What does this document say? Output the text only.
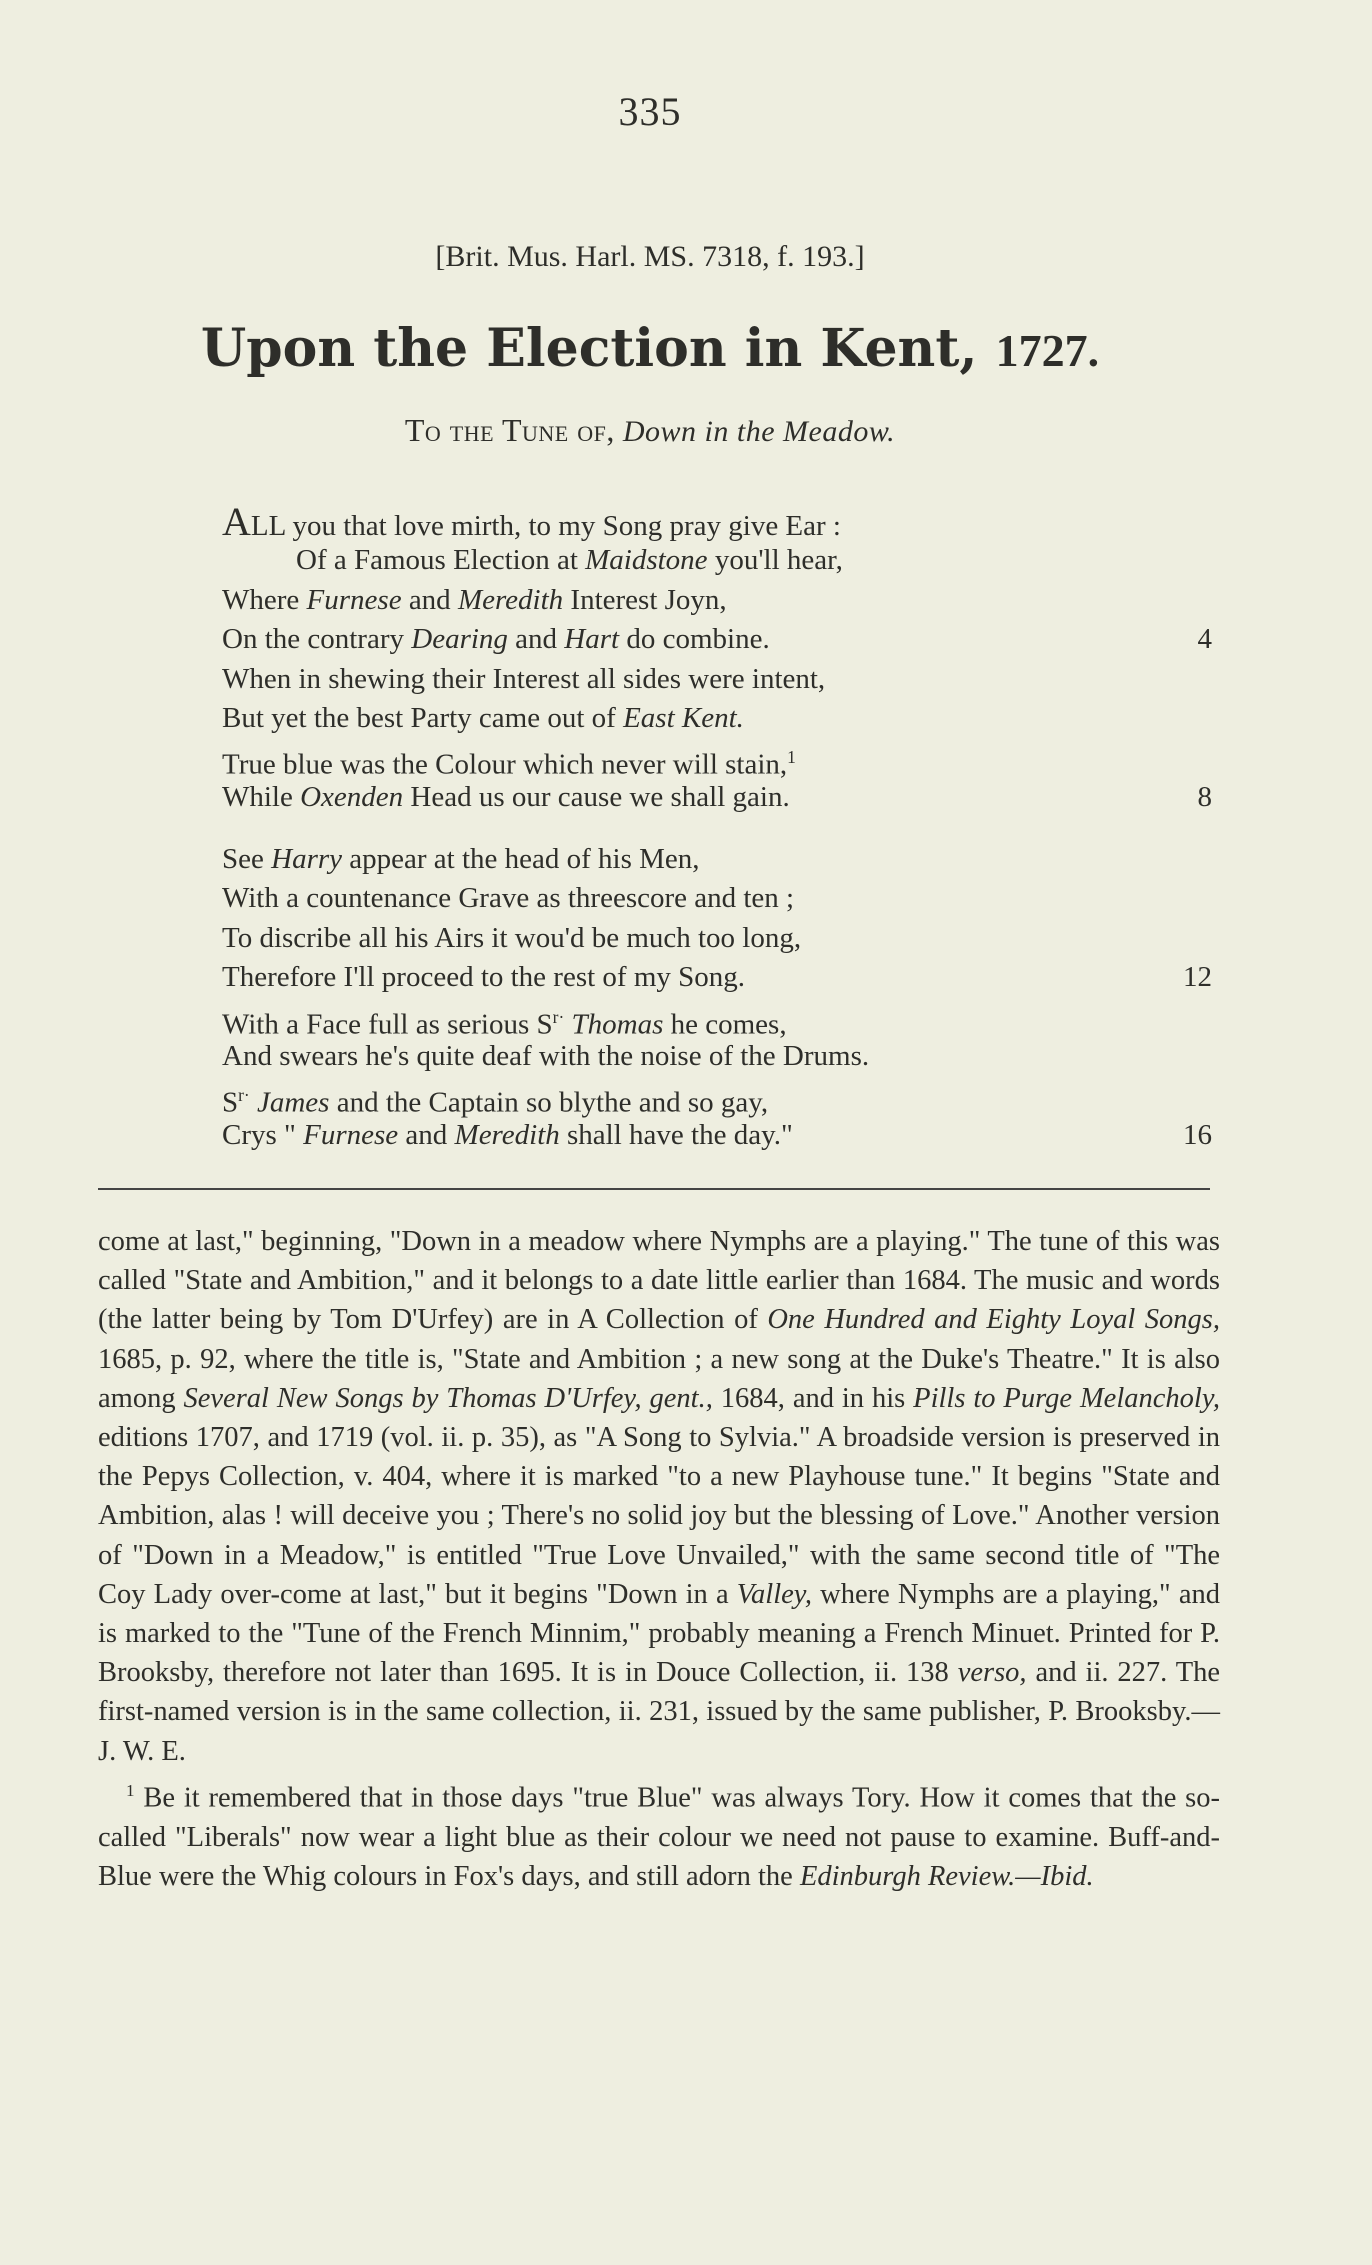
335
[Brit. Mus. Harl. MS. 7318, f. 193.]
Upon the Election in Kent, 1727.
To the Tune of, Down in the Meadow.
ALL you that love mirth, to my Song pray give Ear :
Of a Famous Election at Maidstone you'll hear,
Where Furnese and Meredith Interest Joyn,
On the contrary Dearing and Hart do combine.	4
When in shewing their Interest all sides were intent,
But yet the best Party came out of East Kent.
True blue was the Colour which never will stain,$^1$
While Oxenden Head us our cause we shall gain.	8
See Harry appear at the head of his Men,
With a countenance Grave as threescore and ten ;
To discribe all his Airs it wou'd be much too long,
Therefore I'll proceed to the rest of my Song.	12
With a Face full as serious $S^{r\cdot}$ Thomas he comes,
And swears he's quite deaf with the noise of the Drums.
$S^{r\cdot}$ James and the Captain so blythe and so gay,
Crys " Furnese and Meredith shall have the day."	16

come at last," beginning, "Down in a meadow where Nymphs are a playing." The tune of this was called "State and Ambition," and it belongs to a date little earlier than 1684. The music and words (the latter being by Tom D'Urfey) are in A Collection of One Hundred and Eighty Loyal Songs, 1685, p. 92, where the title is, "State and Ambition ; a new song at the Duke's Theatre." It is also among Several New Songs by Thomas D'Urfey, gent., 1684, and in his Pills to Purge Melancholy, editions 1707, and 1719 (vol. ii. p. 35), as "A Song to Sylvia." A broadside version is preserved in the Pepys Collection, v. 404, where it is marked "to a new Playhouse tune." It begins "State and Ambition, alas ! will deceive you ; There's no solid joy but the blessing of Love." Another version of "Down in a Meadow," is entitled "True Love Unvailed," with the same second title of "The Coy Lady over-come at last," but it begins "Down in a Valley, where Nymphs are a playing," and is marked to the "Tune of the French Minnim," probably meaning a French Minuet. Printed for P. Brooksby, therefore not later than 1695. It is in Douce Collection, ii. 138 verso, and ii. 227. The first-named version is in the same collection, ii. 231, issued by the same publisher, P. Brooksby.—J. W. E.

$^1$ Be it remembered that in those days "true Blue" was always Tory. How it comes that the so-called "Liberals" now wear a light blue as their colour we need not pause to examine. Buff-and-Blue were the Whig colours in Fox's days, and still adorn the Edinburgh Review.—Ibid.
